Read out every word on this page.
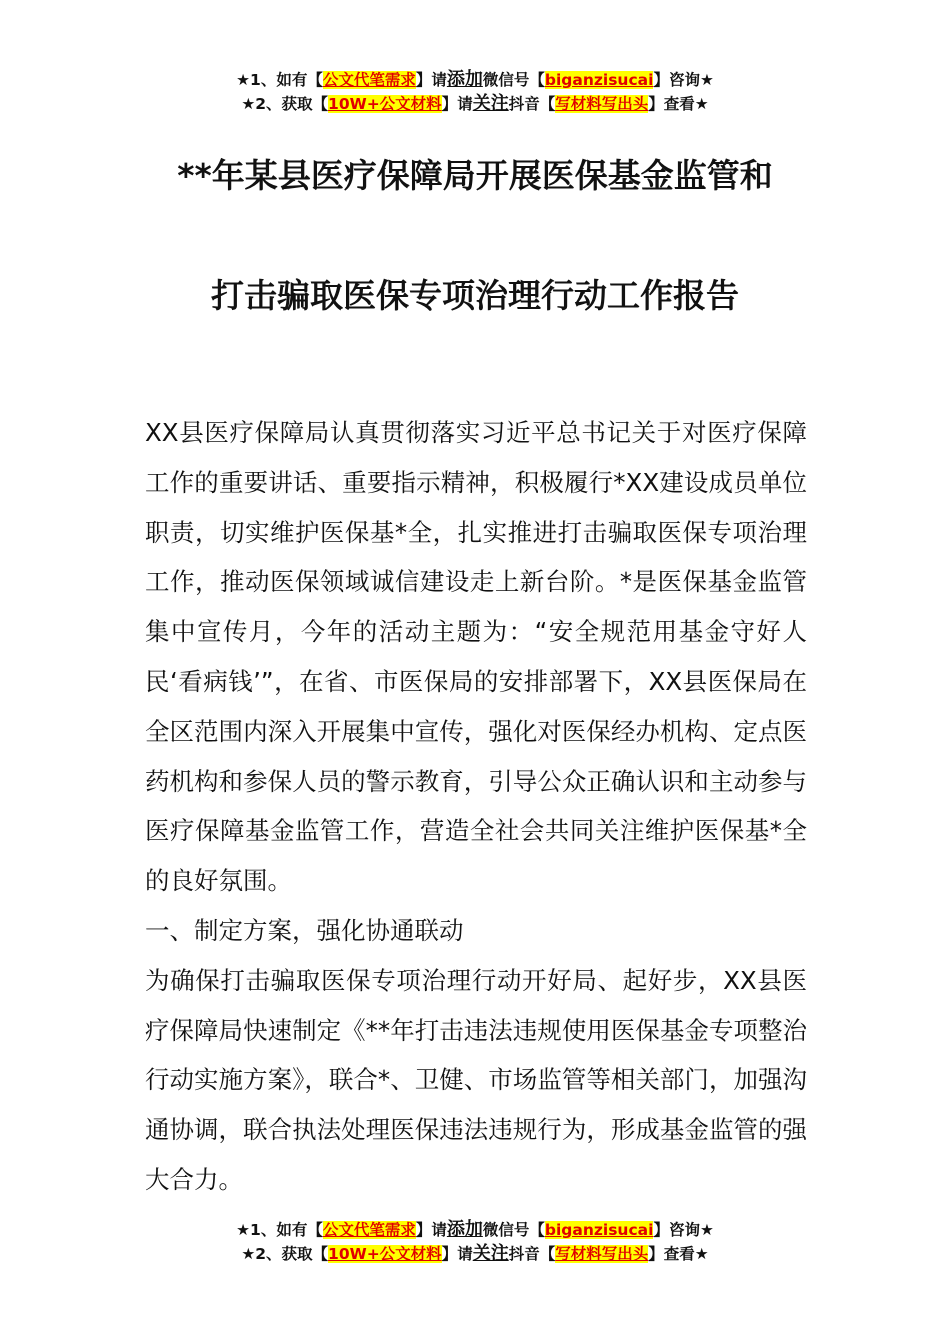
★1、如有【公文代笔需求】请添加微信号【biganzisucai】咨询★
★2、获取【10W+公文材料】请关注抖音【写材料写出头】查看★
**年某县医疗保障局开展医保基金监管和
打击骗取医保专项治理行动工作报告

XX县医疗保障局认真贯彻落实习近平总书记关于对医疗保障工作的重要讲话、重要指示精神，积极履行*XX建设成员单位职责，切实维护医保基*全，扎实推进打击骗取医保专项治理工作，推动医保领域诚信建设走上新台阶。*是医保基金监管集中宣传月，今年的活动主题为：“安全规范用基金守好人民‘看病钱’”，在省、市医保局的安排部署下，XX县医保局在全区范围内深入开展集中宣传，强化对医保经办机构、定点医药机构和参保人员的警示教育，引导公众正确认识和主动参与医疗保障基金监管工作，营造全社会共同关注维护医保基*全的良好氛围。

一、制定方案，强化协通联动

为确保打击骗取医保专项治理行动开好局、起好步，XX县医疗保障局快速制定《**年打击违法违规使用医保基金专项整治行动实施方案》，联合*、卫健、市场监管等相关部门，加强沟通协调，联合执法处理医保违法违规行为，形成基金监管的强大合力。

★1、如有【公文代笔需求】请添加微信号【biganzisucai】咨询★
★2、获取【10W+公文材料】请关注抖音【写材料写出头】查看★
